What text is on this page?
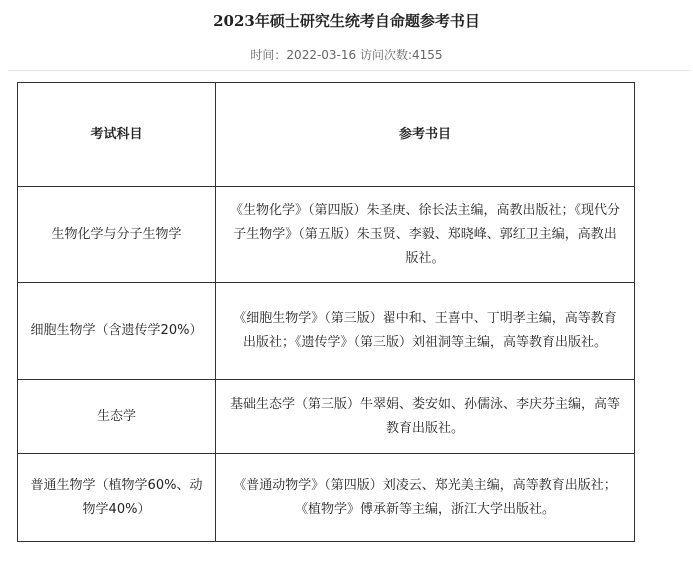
2023年硕士研究生统考自命题参考书目
时间：2022-03-16 访问次数:4155
考试科目	参考书目
生物化学与分子生物学	《生物化学》（第四版）朱圣庚、徐长法主编，高教出版社；《现代分子生物学》（第五版）朱玉贤、李毅、郑晓峰、郭红卫主编，高教出版社。
细胞生物学（含遗传学20%）	《细胞生物学》（第三版）翟中和、王喜中、丁明孝主编，高等教育出版社；《遗传学》（第三版）刘祖洞等主编，高等教育出版社。
生态学	基础生态学（第三版）牛翠娟、娄安如、孙儒泳、李庆芬主编，高等教育出版社。
普通生物学（植物学60%、动物学40%）	《普通动物学》（第四版）刘凌云、郑光美主编，高等教育出版社；《植物学》傅承新等主编，浙江大学出版社。
